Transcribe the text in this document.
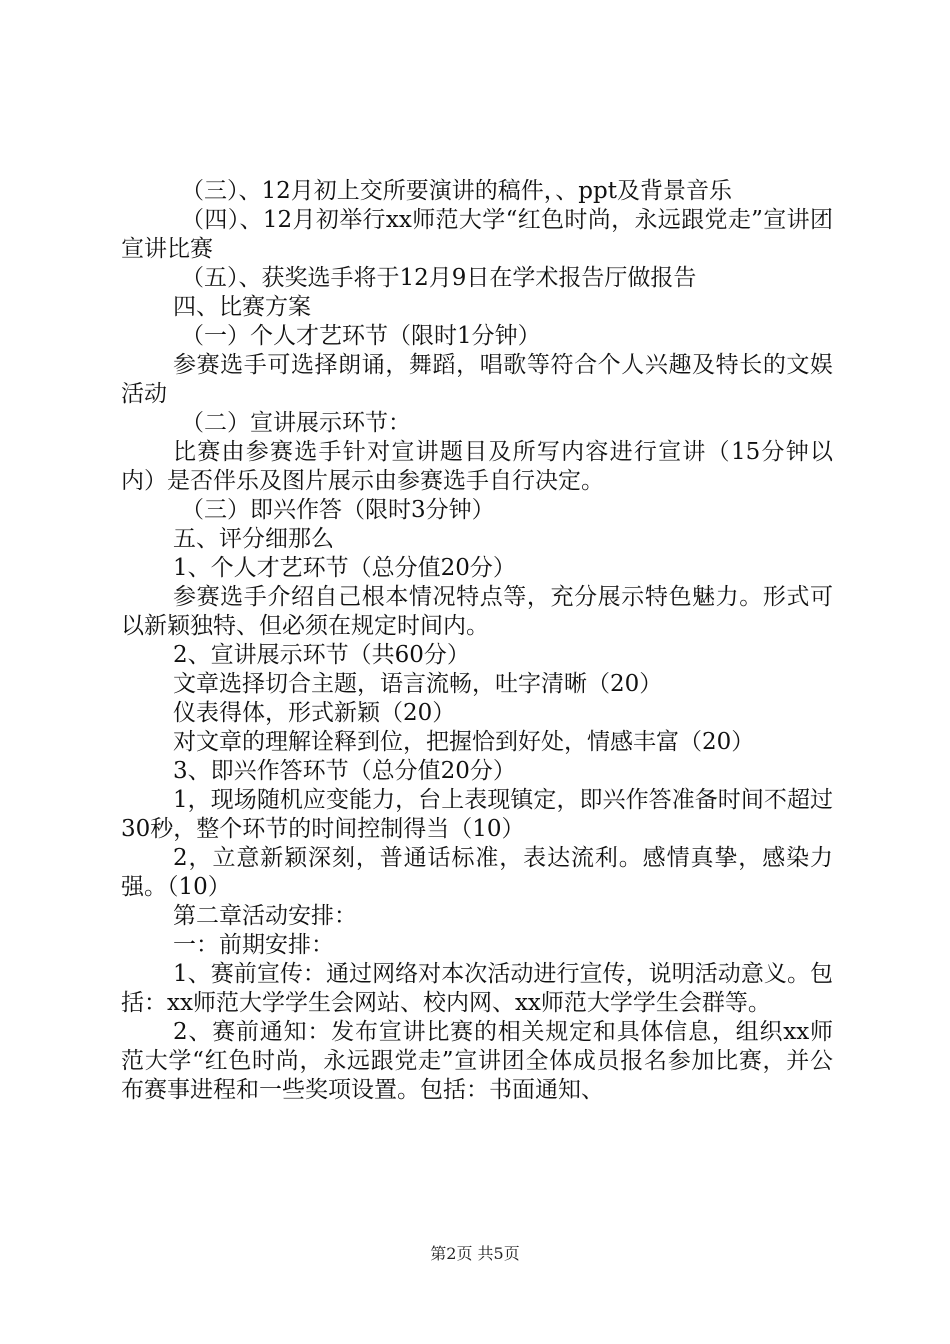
（三）、12月初上交所要演讲的稿件，、ppt及背景音乐

（四）、12月初举行xx师范大学“红色时尚，永远跟党走”宣讲团宣讲比赛

（五）、获奖选手将于12月9日在学术报告厅做报告

四、比赛方案

（一）个人才艺环节（限时1分钟）

参赛选手可选择朗诵，舞蹈，唱歌等符合个人兴趣及特长的文娱活动

（二）宣讲展示环节：

比赛由参赛选手针对宣讲题目及所写内容进行宣讲（15分钟以内）是否伴乐及图片展示由参赛选手自行决定。

（三）即兴作答（限时3分钟）

五、评分细那么

1、个人才艺环节（总分值20分）

参赛选手介绍自己根本情况特点等，充分展示特色魅力。形式可以新颖独特、但必须在规定时间内。

2、宣讲展示环节（共60分）

文章选择切合主题，语言流畅，吐字清晰（20）

仪表得体，形式新颖（20）

对文章的理解诠释到位，把握恰到好处，情感丰富（20）

3、即兴作答环节（总分值20分）

1，现场随机应变能力，台上表现镇定，即兴作答准备时间不超过30秒，整个环节的时间控制得当（10）

2，立意新颖深刻，普通话标准，表达流利。感情真挚，感染力强。（10）

第二章活动安排：

一：前期安排：

1、赛前宣传：通过网络对本次活动进行宣传，说明活动意义。包括：xx师范大学学生会网站、校内网、xx师范大学学生会群等。

2、赛前通知：发布宣讲比赛的相关规定和具体信息，组织xx师范大学“红色时尚，永远跟党走”宣讲团全体成员报名参加比赛，并公布赛事进程和一些奖项设置。包括：书面通知、

第2页 共5页
